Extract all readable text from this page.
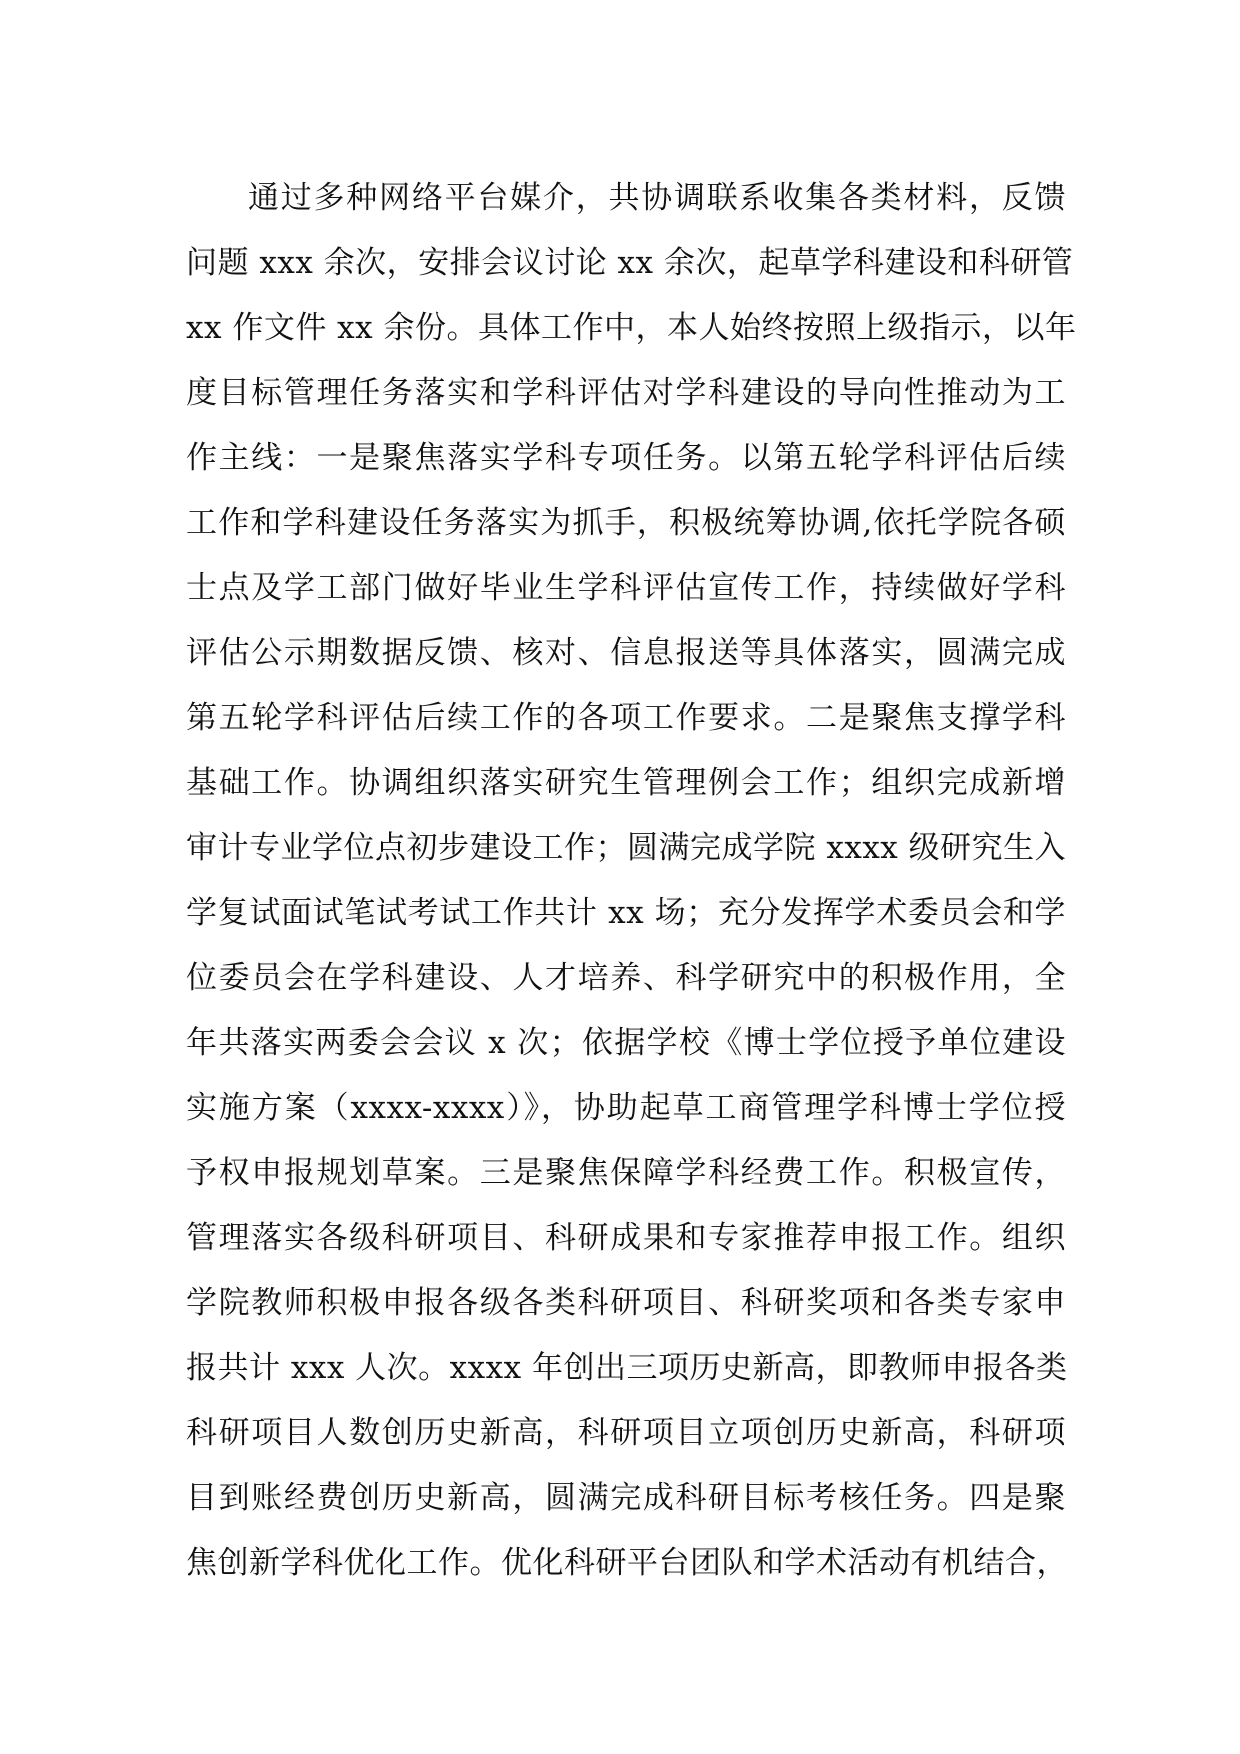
通过多种网络平台媒介，共协调联系收集各类材料，反馈
问题 xxx 余次，安排会议讨论 xx 余次，起草学科建设和科研管
xx 作文件 xx 余份。具体工作中，本人始终按照上级指示，以年
度目标管理任务落实和学科评估对学科建设的导向性推动为工
作主线：一是聚焦落实学科专项任务。以第五轮学科评估后续
工作和学科建设任务落实为抓手，积极统筹协调,依托学院各硕
士点及学工部门做好毕业生学科评估宣传工作，持续做好学科
评估公示期数据反馈、核对、信息报送等具体落实，圆满完成
第五轮学科评估后续工作的各项工作要求。二是聚焦支撑学科
基础工作。协调组织落实研究生管理例会工作；组织完成新增
审计专业学位点初步建设工作；圆满完成学院 xxxx 级研究生入
学复试面试笔试考试工作共计 xx 场；充分发挥学术委员会和学
位委员会在学科建设、人才培养、科学研究中的积极作用，全
年共落实两委会会议 x 次；依据学校《博士学位授予单位建设
实施方案（xxxx-xxxx）》，协助起草工商管理学科博士学位授
予权申报规划草案。三是聚焦保障学科经费工作。积极宣传，
管理落实各级科研项目、科研成果和专家推荐申报工作。组织
学院教师积极申报各级各类科研项目、科研奖项和各类专家申
报共计 xxx 人次。xxxx 年创出三项历史新高，即教师申报各类
科研项目人数创历史新高，科研项目立项创历史新高，科研项
目到账经费创历史新高，圆满完成科研目标考核任务。四是聚
焦创新学科优化工作。优化科研平台团队和学术活动有机结合，
